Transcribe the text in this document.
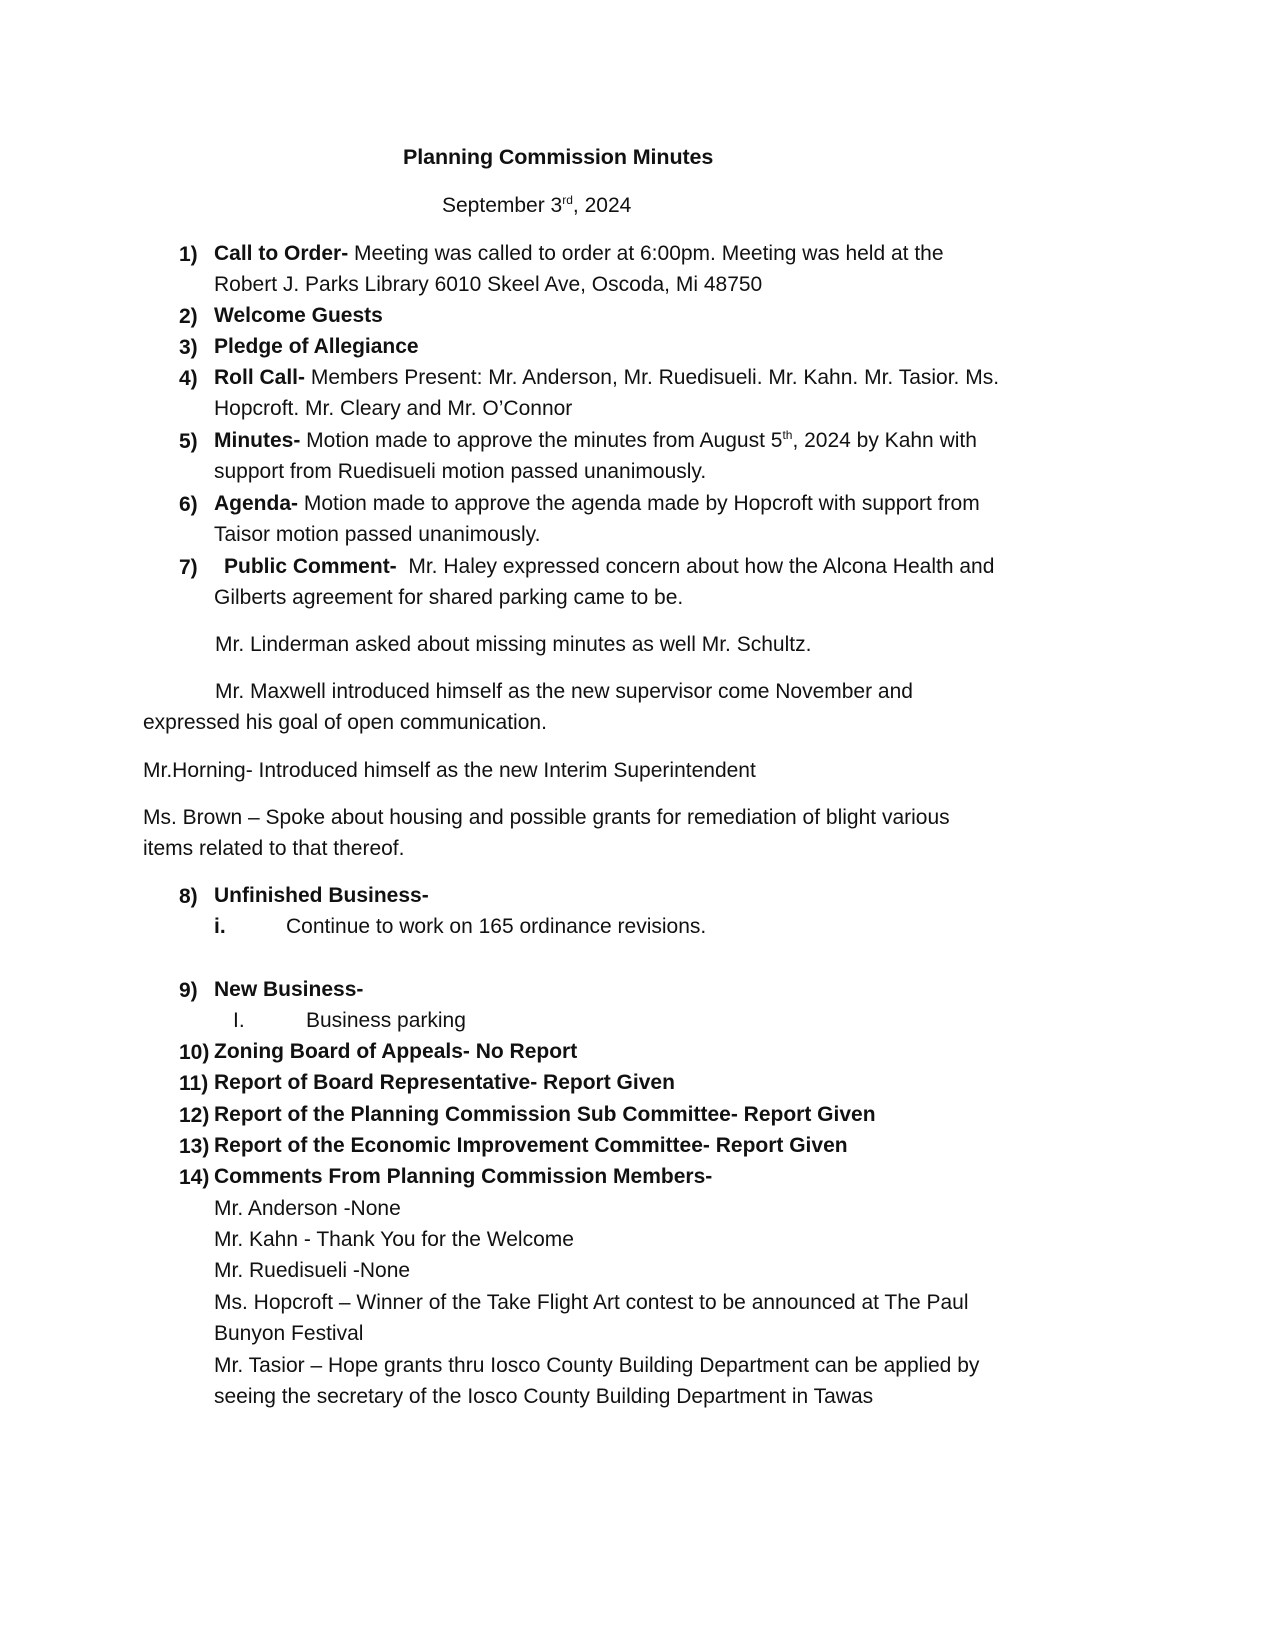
Planning Commission Minutes
September 3rd, 2024
1) Call to Order- Meeting was called to order at 6:00pm. Meeting was held at the
Robert J. Parks Library 6010 Skeel Ave, Oscoda, Mi 48750
2) Welcome Guests
3) Pledge of Allegiance
4) Roll Call- Members Present: Mr. Anderson, Mr. Ruedisueli. Mr. Kahn. Mr. Tasior. Ms.
Hopcroft. Mr. Cleary and Mr. O’Connor
5) Minutes- Motion made to approve the minutes from August 5th, 2024 by Kahn with
support from Ruedisueli motion passed unanimously.
6) Agenda- Motion made to approve the agenda made by Hopcroft with support from
Taisor motion passed unanimously.
7) Public Comment-  Mr. Haley expressed concern about how the Alcona Health and
Gilberts agreement for shared parking came to be.
Mr. Linderman asked about missing minutes as well Mr. Schultz.
Mr. Maxwell introduced himself as the new supervisor come November and
expressed his goal of open communication.
Mr.Horning- Introduced himself as the new Interim Superintendent
Ms. Brown – Spoke about housing and possible grants for remediation of blight various
items related to that thereof.
8) Unfinished Business-
i.	Continue to work on 165 ordinance revisions.
9) New Business-
I.	Business parking
10) Zoning Board of Appeals- No Report
11) Report of Board Representative- Report Given
12) Report of the Planning Commission Sub Committee- Report Given
13) Report of the Economic Improvement Committee- Report Given
14) Comments From Planning Commission Members-
Mr. Anderson -None
Mr. Kahn - Thank You for the Welcome
Mr. Ruedisueli -None
Ms. Hopcroft – Winner of the Take Flight Art contest to be announced at The Paul
Bunyon Festival
Mr. Tasior – Hope grants thru Iosco County Building Department can be applied by
seeing the secretary of the Iosco County Building Department in Tawas
